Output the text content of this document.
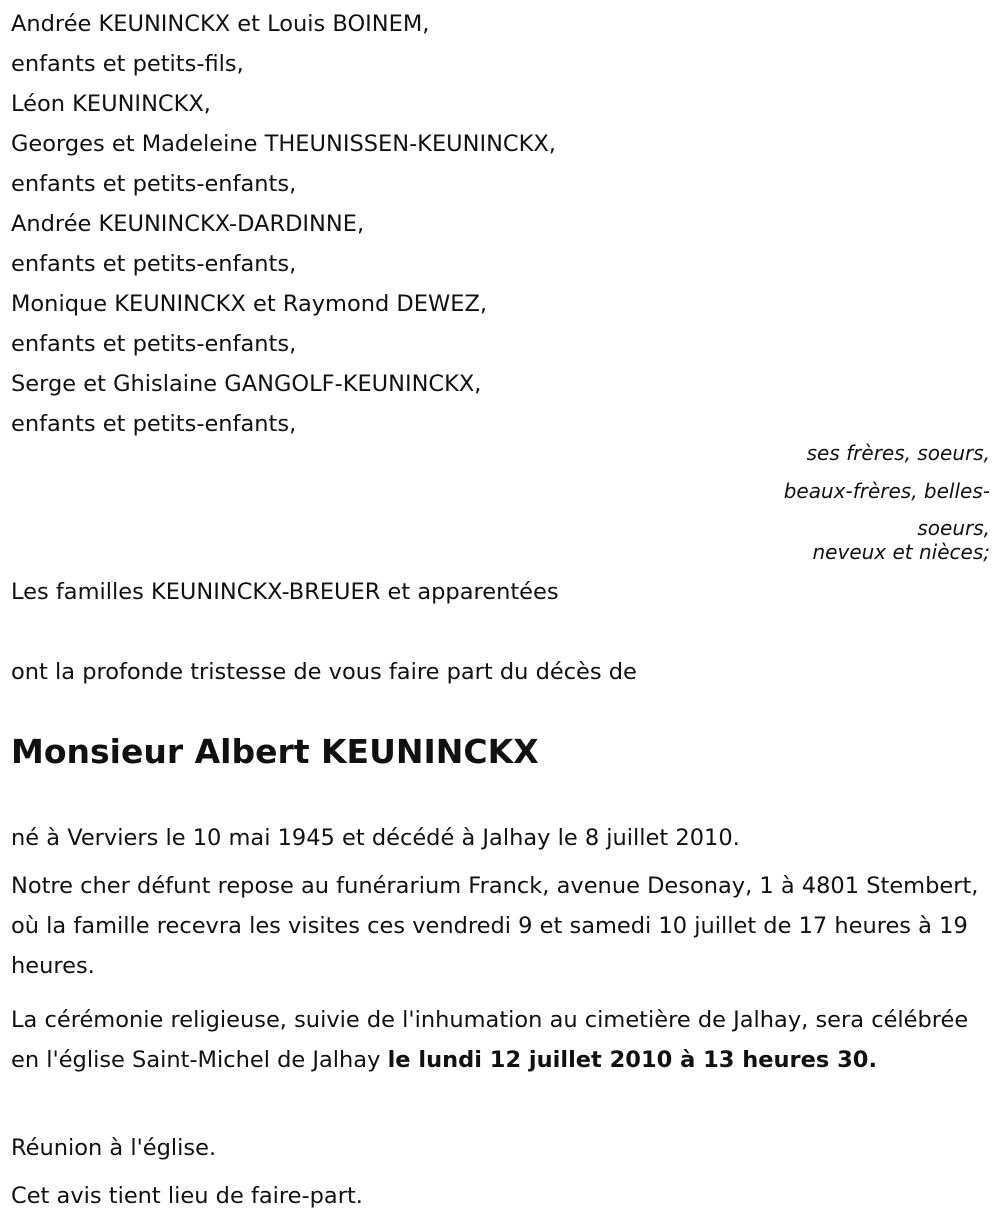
Andrée KEUNINCKX et Louis BOINEM,
enfants et petits-fils,
Léon KEUNINCKX,
Georges et Madeleine THEUNISSEN-KEUNINCKX,
enfants et petits-enfants,
Andrée KEUNINCKX-DARDINNE,
enfants et petits-enfants,
Monique KEUNINCKX et Raymond DEWEZ,
enfants et petits-enfants,
Serge et Ghislaine GANGOLF-KEUNINCKX,
enfants et petits-enfants,
ses frères, soeurs,
beaux-frères, belles-
soeurs,
neveux et nièces;
Les familles KEUNINCKX-BREUER et apparentées
ont la profonde tristesse de vous faire part du décès de
Monsieur Albert KEUNINCKX
né à Verviers le 10 mai 1945 et décédé à Jalhay le 8 juillet 2010.
Notre cher défunt repose au funérarium Franck, avenue Desonay, 1 à 4801 Stembert, où la famille recevra les visites ces vendredi 9 et samedi 10 juillet de 17 heures à 19 heures.
La cérémonie religieuse, suivie de l'inhumation au cimetière de Jalhay, sera célébrée en l'église Saint-Michel de Jalhay le lundi 12 juillet 2010 à 13 heures 30.
Réunion à l'église.
Cet avis tient lieu de faire-part.
